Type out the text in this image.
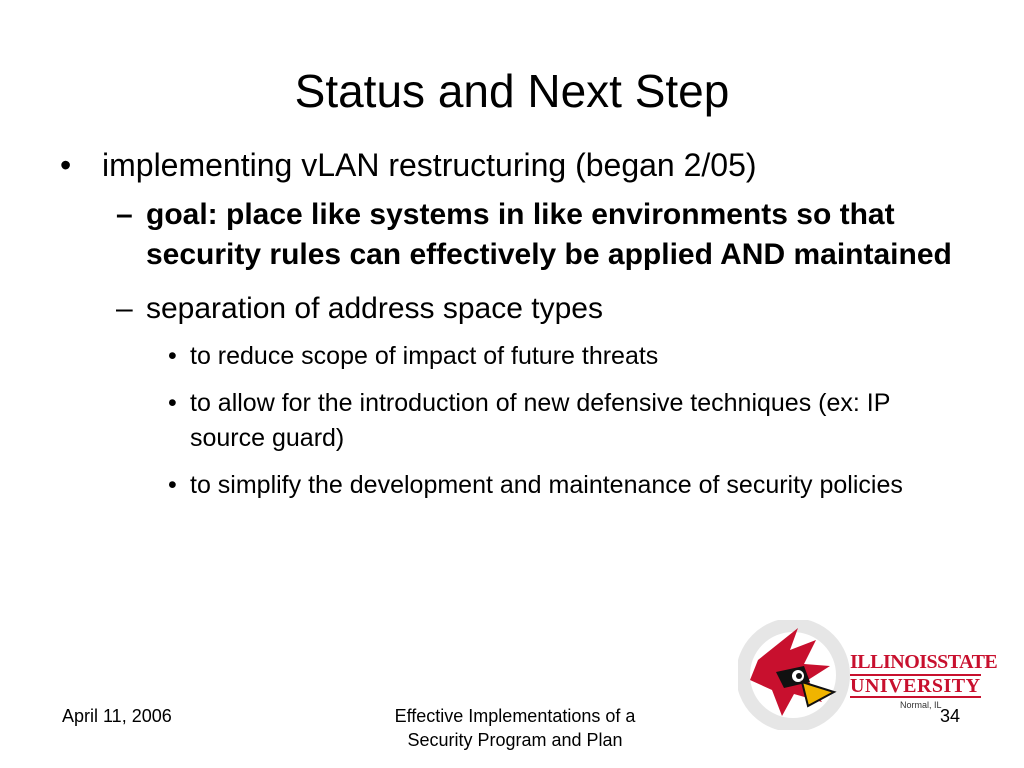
Status and Next Step
• implementing vLAN restructuring (began 2/05)
– goal: place like systems in like environments so that security rules can effectively be applied AND maintained
– separation of address space types
• to reduce scope of impact of future threats
• to allow for the introduction of new defensive techniques (ex: IP source guard)
• to simplify the development and maintenance of security policies
ILLINOISSTATE
UNIVERSITY
Normal, IL
April 11, 2006	Effective Implementations of a
Security Program and Plan
34
